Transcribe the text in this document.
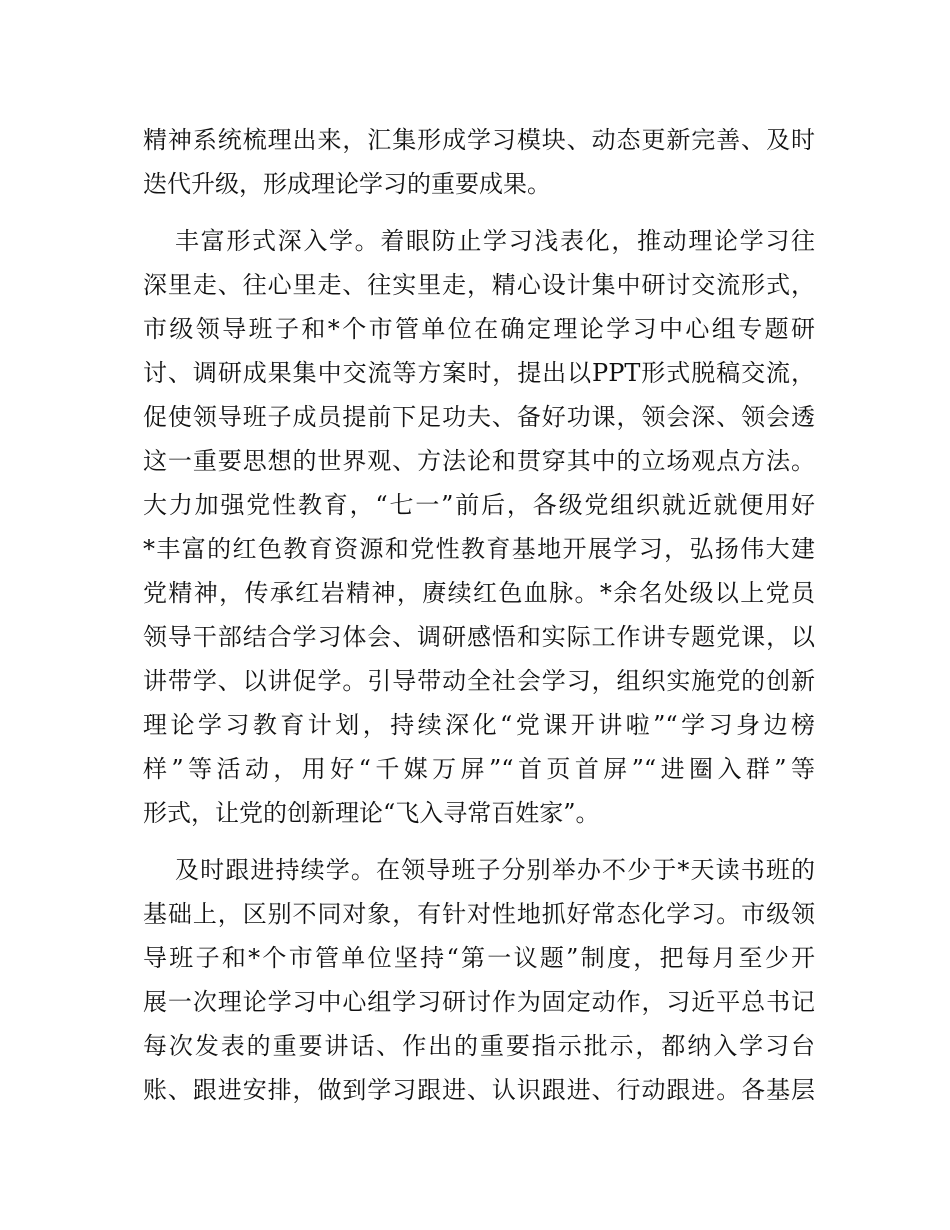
精神系统梳理出来，汇集形成学习模块、动态更新完善、及时
迭代升级，形成理论学习的重要成果。
丰富形式深入学。着眼防止学习浅表化，推动理论学习往
深里走、往心里走、往实里走，精心设计集中研讨交流形式，
市级领导班子和*个市管单位在确定理论学习中心组专题研
讨、调研成果集中交流等方案时，提出以PPT形式脱稿交流，
促使领导班子成员提前下足功夫、备好功课，领会深、领会透
这一重要思想的世界观、方法论和贯穿其中的立场观点方法。
大力加强党性教育，“七一”前后，各级党组织就近就便用好
*丰富的红色教育资源和党性教育基地开展学习，弘扬伟大建
党精神，传承红岩精神，赓续红色血脉。*余名处级以上党员
领导干部结合学习体会、调研感悟和实际工作讲专题党课，以
讲带学、以讲促学。引导带动全社会学习，组织实施党的创新
理论学习教育计划，持续深化“党课开讲啦”“学习身边榜
样”等活动，用好“千媒万屏”“首页首屏”“进圈入群”等
形式，让党的创新理论“飞入寻常百姓家”。
及时跟进持续学。在领导班子分别举办不少于*天读书班的
基础上，区别不同对象，有针对性地抓好常态化学习。市级领
导班子和*个市管单位坚持“第一议题”制度，把每月至少开
展一次理论学习中心组学习研讨作为固定动作，习近平总书记
每次发表的重要讲话、作出的重要指示批示，都纳入学习台
账、跟进安排，做到学习跟进、认识跟进、行动跟进。各基层
